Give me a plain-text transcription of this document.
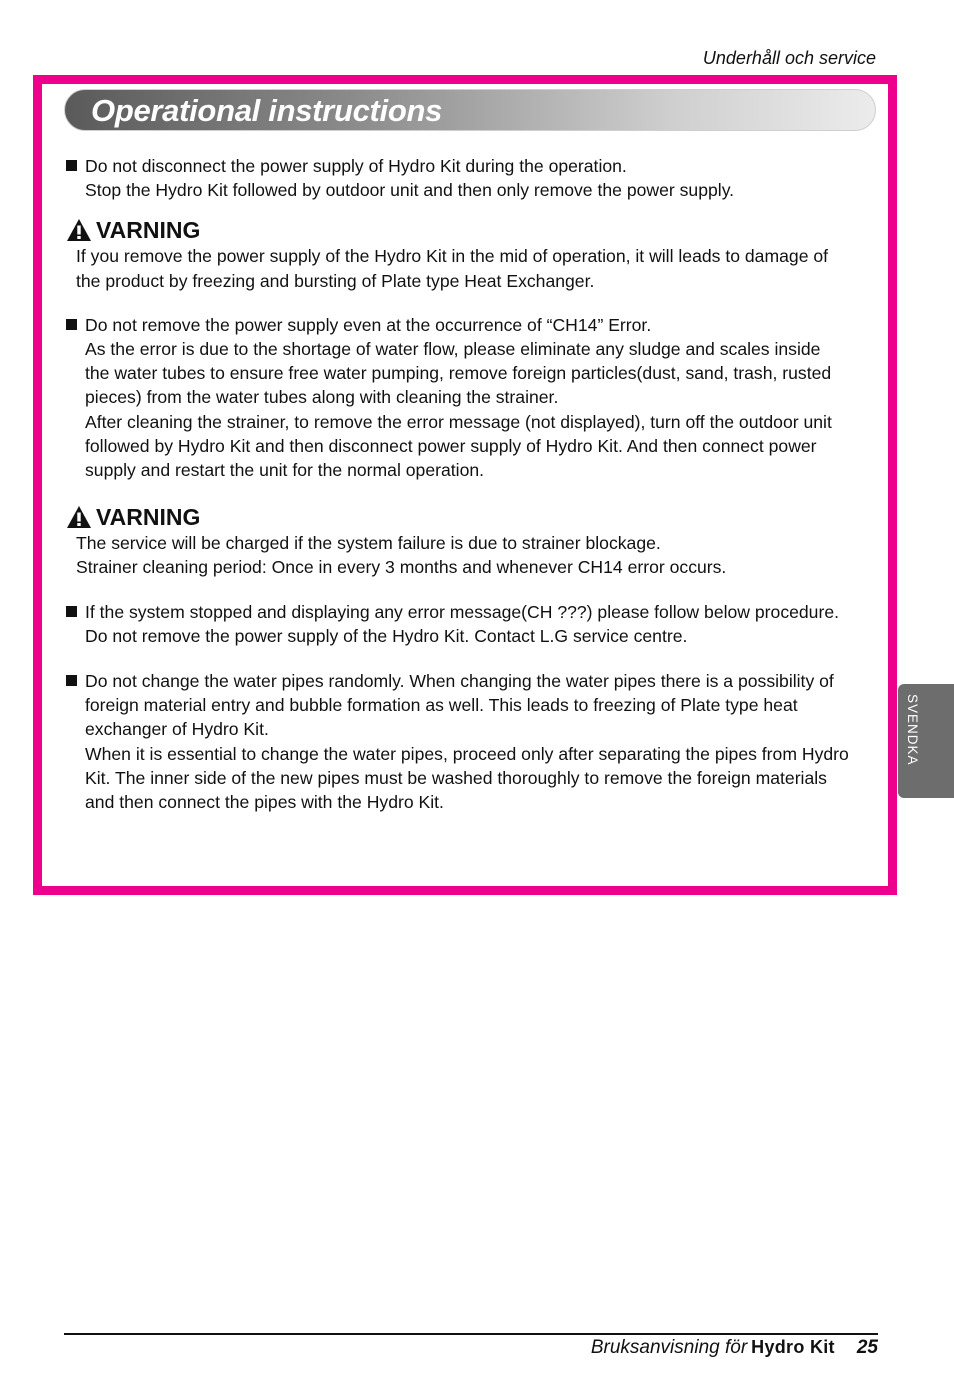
Underhåll och service
Operational instructions

Do not disconnect the power supply of Hydro Kit during the operation.

Stop the Hydro Kit followed by outdoor unit and then only remove the power supply.

VARNING

If you remove the power supply of the Hydro Kit in the mid of operation, it will leads to damage of

the product by freezing and bursting of Plate type Heat Exchanger.

Do not remove the power supply even at the occurrence of “CH14” Error.

As the error is due to the shortage of water flow, please eliminate any sludge and scales inside

the water tubes to ensure free water pumping, remove foreign particles(dust, sand, trash, rusted

pieces) from the water tubes along with cleaning the strainer.

After cleaning the strainer, to remove the error message (not displayed), turn off the outdoor unit

followed by Hydro Kit and then disconnect power supply of Hydro Kit. And then connect power

supply and restart the unit for the normal operation.

VARNING

The service will be charged if the system failure is due to strainer blockage.

Strainer cleaning period: Once in every 3 months and whenever CH14 error occurs.

If the system stopped and displaying any error message(CH ???) please follow below procedure.

Do not remove the power supply of the Hydro Kit. Contact L.G service centre.

Do not change the water pipes randomly. When changing the water pipes there is a possibility of

foreign material entry and bubble formation as well. This leads to freezing of Plate type heat

exchanger of Hydro Kit.

When it is essential to change the water pipes, proceed only after separating the pipes from Hydro

Kit. The inner side of the new pipes must be washed thoroughly to remove the foreign materials

and then connect the pipes with the Hydro Kit.

SVENDKA
Bruksanvisning för Hydro Kit 25
